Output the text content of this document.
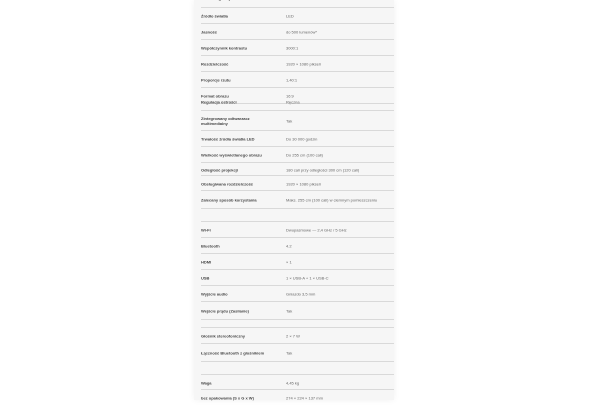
Źródło światła	LED
Jasność	do 500 lumenów*
Współczynnik kontrastu	3000:1
Rozdzielczość	1920 × 1080 pikseli
Proporcje rzutu	1,40:1
Format obrazu	16:9
Regulacja ostrości	Ręczna
Zintegrowany odtwarzacz multimedialny	Tak
Trwałość źródła światła LED	Do 30 000 godzin
Wielkość wyświetlanego obrazu	Do 255 cm (100 cali)
Odległość projekcji	180 cali przy odległości 300 cm (120 cali)
Obsługiwana rozdzielczość	1920 × 1080 pikseli
Zalecany sposób korzystania	Maks. 255 cm (100 cali) w ciemnym pomieszczeniu
Wi-Fi	Dwupasmowe — 2,4 GHz / 5 GHz
Bluetooth	4.2
HDMI	× 1
USB	1 × USB-A + 1 × USB-C
Wyjście audio	Gniazdo 3,5 mm
Wejście prądu (Zasilanie)	Tak
Głośnik stereofoniczny	2 × 7 W
Łączność Bluetooth z głośnikiem	Tak
Waga	4,45 kg
bez opakowania (S x G x W)	274 × 224 × 137 mm
